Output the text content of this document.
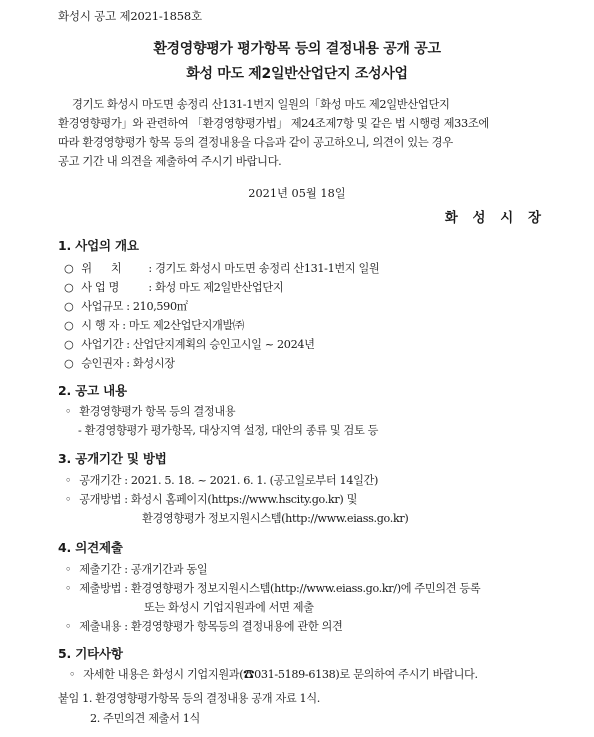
화성시 공고 제2021-1858호
환경영향평가 평가항목 등의 결정내용 공개 공고
화성 마도 제2일반산업단지 조성사업
경기도 화성시 마도면 송정리 산131-1번지 일원의「화성 마도 제2일반산업단지
환경영향평가」와 관련하여 「환경영향평가법」 제24조제7항 및 같은 법 시행령 제33조에
따라 환경영향평가 항목 등의 결정내용을 다음과 같이 공고하오니, 의견이 있는 경우
공고 기간 내 의견을 제출하여 주시기 바랍니다.
2021년 05월 18일
화 성 시 장
1. 사업의 개요
○ 위      치 : 경기도 화성시 마도면 송정리 산131-1번지 일원
○ 사 업 명 : 화성 마도 제2일반산업단지
○ 사업규모 : 210,590㎡
○ 시 행 자 : 마도 제2산업단지개발㈜
○ 사업기간 : 산업단지계획의 승인고시일 ~ 2024년
○ 승인권자 : 화성시장
2. 공고 내용
◦ 환경영향평가 항목 등의 결정내용
- 환경영향평가 평가항목, 대상지역 설정, 대안의 종류 및 검토 등
3. 공개기간 및 방법
◦ 공개기간 : 2021. 5. 18. ~ 2021. 6. 1. (공고일로부터 14일간)
◦ 공개방법 : 화성시 홈페이지(https://www.hscity.go.kr) 및
환경영향평가 정보지원시스템(http://www.eiass.go.kr)
4. 의견제출
◦ 제출기간 : 공개기간과 동일
◦ 제출방법 : 환경영향평가 정보지원시스템(http://www.eiass.go.kr/)에 주민의견 등록
또는 화성시 기업지원과에 서면 제출
◦ 제출내용 : 환경영향평가 항목등의 결정내용에 관한 의견
5. 기타사항
◦ 자세한 내용은 화성시 기업지원과(☎031-5189-6138)로 문의하여 주시기 바랍니다.
붙임 1. 환경영향평가항목 등의 결정내용 공개 자료 1식.
2. 주민의견 제출서 1식
